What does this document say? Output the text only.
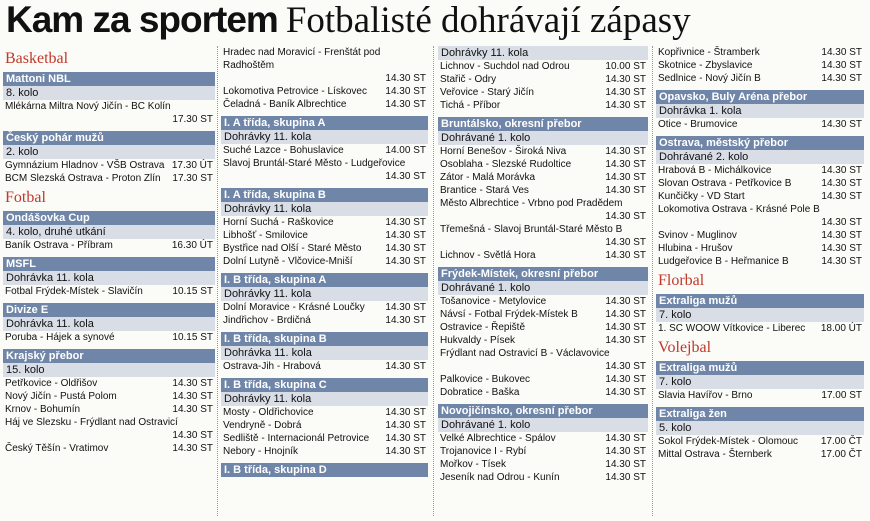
Kam za sportem Fotbalisté dohrávají zápasy
Basketbal
Mattoni NBL
8. kolo
Mlékárna Miltra Nový Jičín - BC Kolín
17.30 ST
Český pohár mužů
2. kolo
Gymnázium Hladnov - VŠB Ostrava 17.30 ÚT
BCM Slezská Ostrava - Proton Zlín	17.30 ST
Fotbal
Ondášovka Cup
4. kolo, druhé utkání
Baník Ostrava - Příbram	16.30 ÚT
MSFL
Dohrávka 11. kola
Fotbal Frýdek-Místek - Slavičín	10.15 ST
Divize E
Dohrávka 11. kola
Poruba - Hájek a synové	10.15 ST
Krajský přebor
15. kolo
Petřkovice - Oldřišov	14.30 ST
Nový Jičín - Pustá Polom	14.30 ST
Krnov - Bohumín	14.30 ST
Háj ve Slezsku - Frýdlant nad Ostravicí
14.30 ST
Český Těšín - Vratimov	14.30 ST
Hradec nad Moravicí - Frenštát pod Radhoštěm
14.30 ST
Lokomotiva Petrovice - Lískovec	14.30 ST
Čeladná - Baník Albrechtice	14.30 ST
I. A třída, skupina A
Dohrávky 11. kola
Suché Lazce - Bohuslavice	14.00 ST
Slavoj Bruntál-Staré Město - Ludgeřovice
14.30 ST
I. A třída, skupina B
Dohrávky 11. kola
Horní Suchá - Raškovice	14.30 ST
Libhošť - Smilovice	14.30 ST
Bystřice nad Olší - Staré Město	14.30 ST
Dolní Lutyně - Vlčovice-Mniší	14.30 ST
I. B třída, skupina A
Dohrávky 11. kola
Dolní Moravice - Krásné Loučky	14.30 ST
Jindřichov - Brdičná	14.30 ST
I. B třída, skupina B
Dohrávka 11. kola
Ostrava-Jih - Hrabová	14.30 ST
I. B třída, skupina C
Dohrávky 11. kola
Mosty - Oldřichovice	14.30 ST
Vendryně - Dobrá	14.30 ST
Sedliště - Internacionál Petrovice	14.30 ST
Nebory - Hnojník	14.30 ST
I. B třída, skupina D
Dohrávky 11. kola
Lichnov - Suchdol nad Odrou	10.00 ST
Stařič - Odry	14.30 ST
Veřovice - Starý Jičín	14.30 ST
Tichá - Příbor	14.30 ST
Bruntálsko, okresní přebor
Dohrávané 1. kolo
Horní Benešov - Široká Niva	14.30 ST
Osoblaha - Slezské Rudoltice	14.30 ST
Zátor - Malá Morávka	14.30 ST
Brantice - Stará Ves	14.30 ST
Město Albrechtice - Vrbno pod Pradědem
14.30 ST
Třemešná - Slavoj Bruntál-Staré Město B
14.30 ST
Lichnov - Světlá Hora	14.30 ST
Frýdek-Místek, okresní přebor
Dohrávané 1. kolo
Tošanovice - Metylovice	14.30 ST
Návsí - Fotbal Frýdek-Místek B	14.30 ST
Ostravice - Řepiště	14.30 ST
Hukvaldy - Písek	14.30 ST
Frýdlant nad Ostravicí B - Václavovice
14.30 ST
Palkovice - Bukovec	14.30 ST
Dobratice - Baška	14.30 ST
Novojičínsko, okresní přebor
Dohrávané 1. kolo
Velké Albrechtice - Spálov	14.30 ST
Trojanovice I - Rybí	14.30 ST
Mořkov - Tísek	14.30 ST
Jeseník nad Odrou - Kunín	14.30 ST
Kopřivnice - Štramberk	14.30 ST
Skotnice - Zbyslavice	14.30 ST
Sedlnice - Nový Jičín B	14.30 ST
Opavsko, Buly Aréna přebor
Dohrávka 1. kola
Otice - Brumovice	14.30 ST
Ostrava, městský přebor
Dohrávané 2. kolo
Hrabová B - Michálkovice	14.30 ST
Slovan Ostrava - Petřkovice B	14.30 ST
Kunčičky - VD Start	14.30 ST
Lokomotiva Ostrava - Krásné Pole B
14.30 ST
Svinov - Muglinov	14.30 ST
Hlubina - Hrušov	14.30 ST
Ludgeřovice B - Heřmanice B	14.30 ST
Florbal
Extraliga mužů
7. kolo
1. SC WOOW Vítkovice - Liberec	18.00 ÚT
Volejbal
Extraliga mužů
7. kolo
Slavia Havířov - Brno	17.00 ST
Extraliga žen
5. kolo
Sokol Frýdek-Místek - Olomouc	17.00 ČT
Mittal Ostrava - Šternberk	17.00 ČT
